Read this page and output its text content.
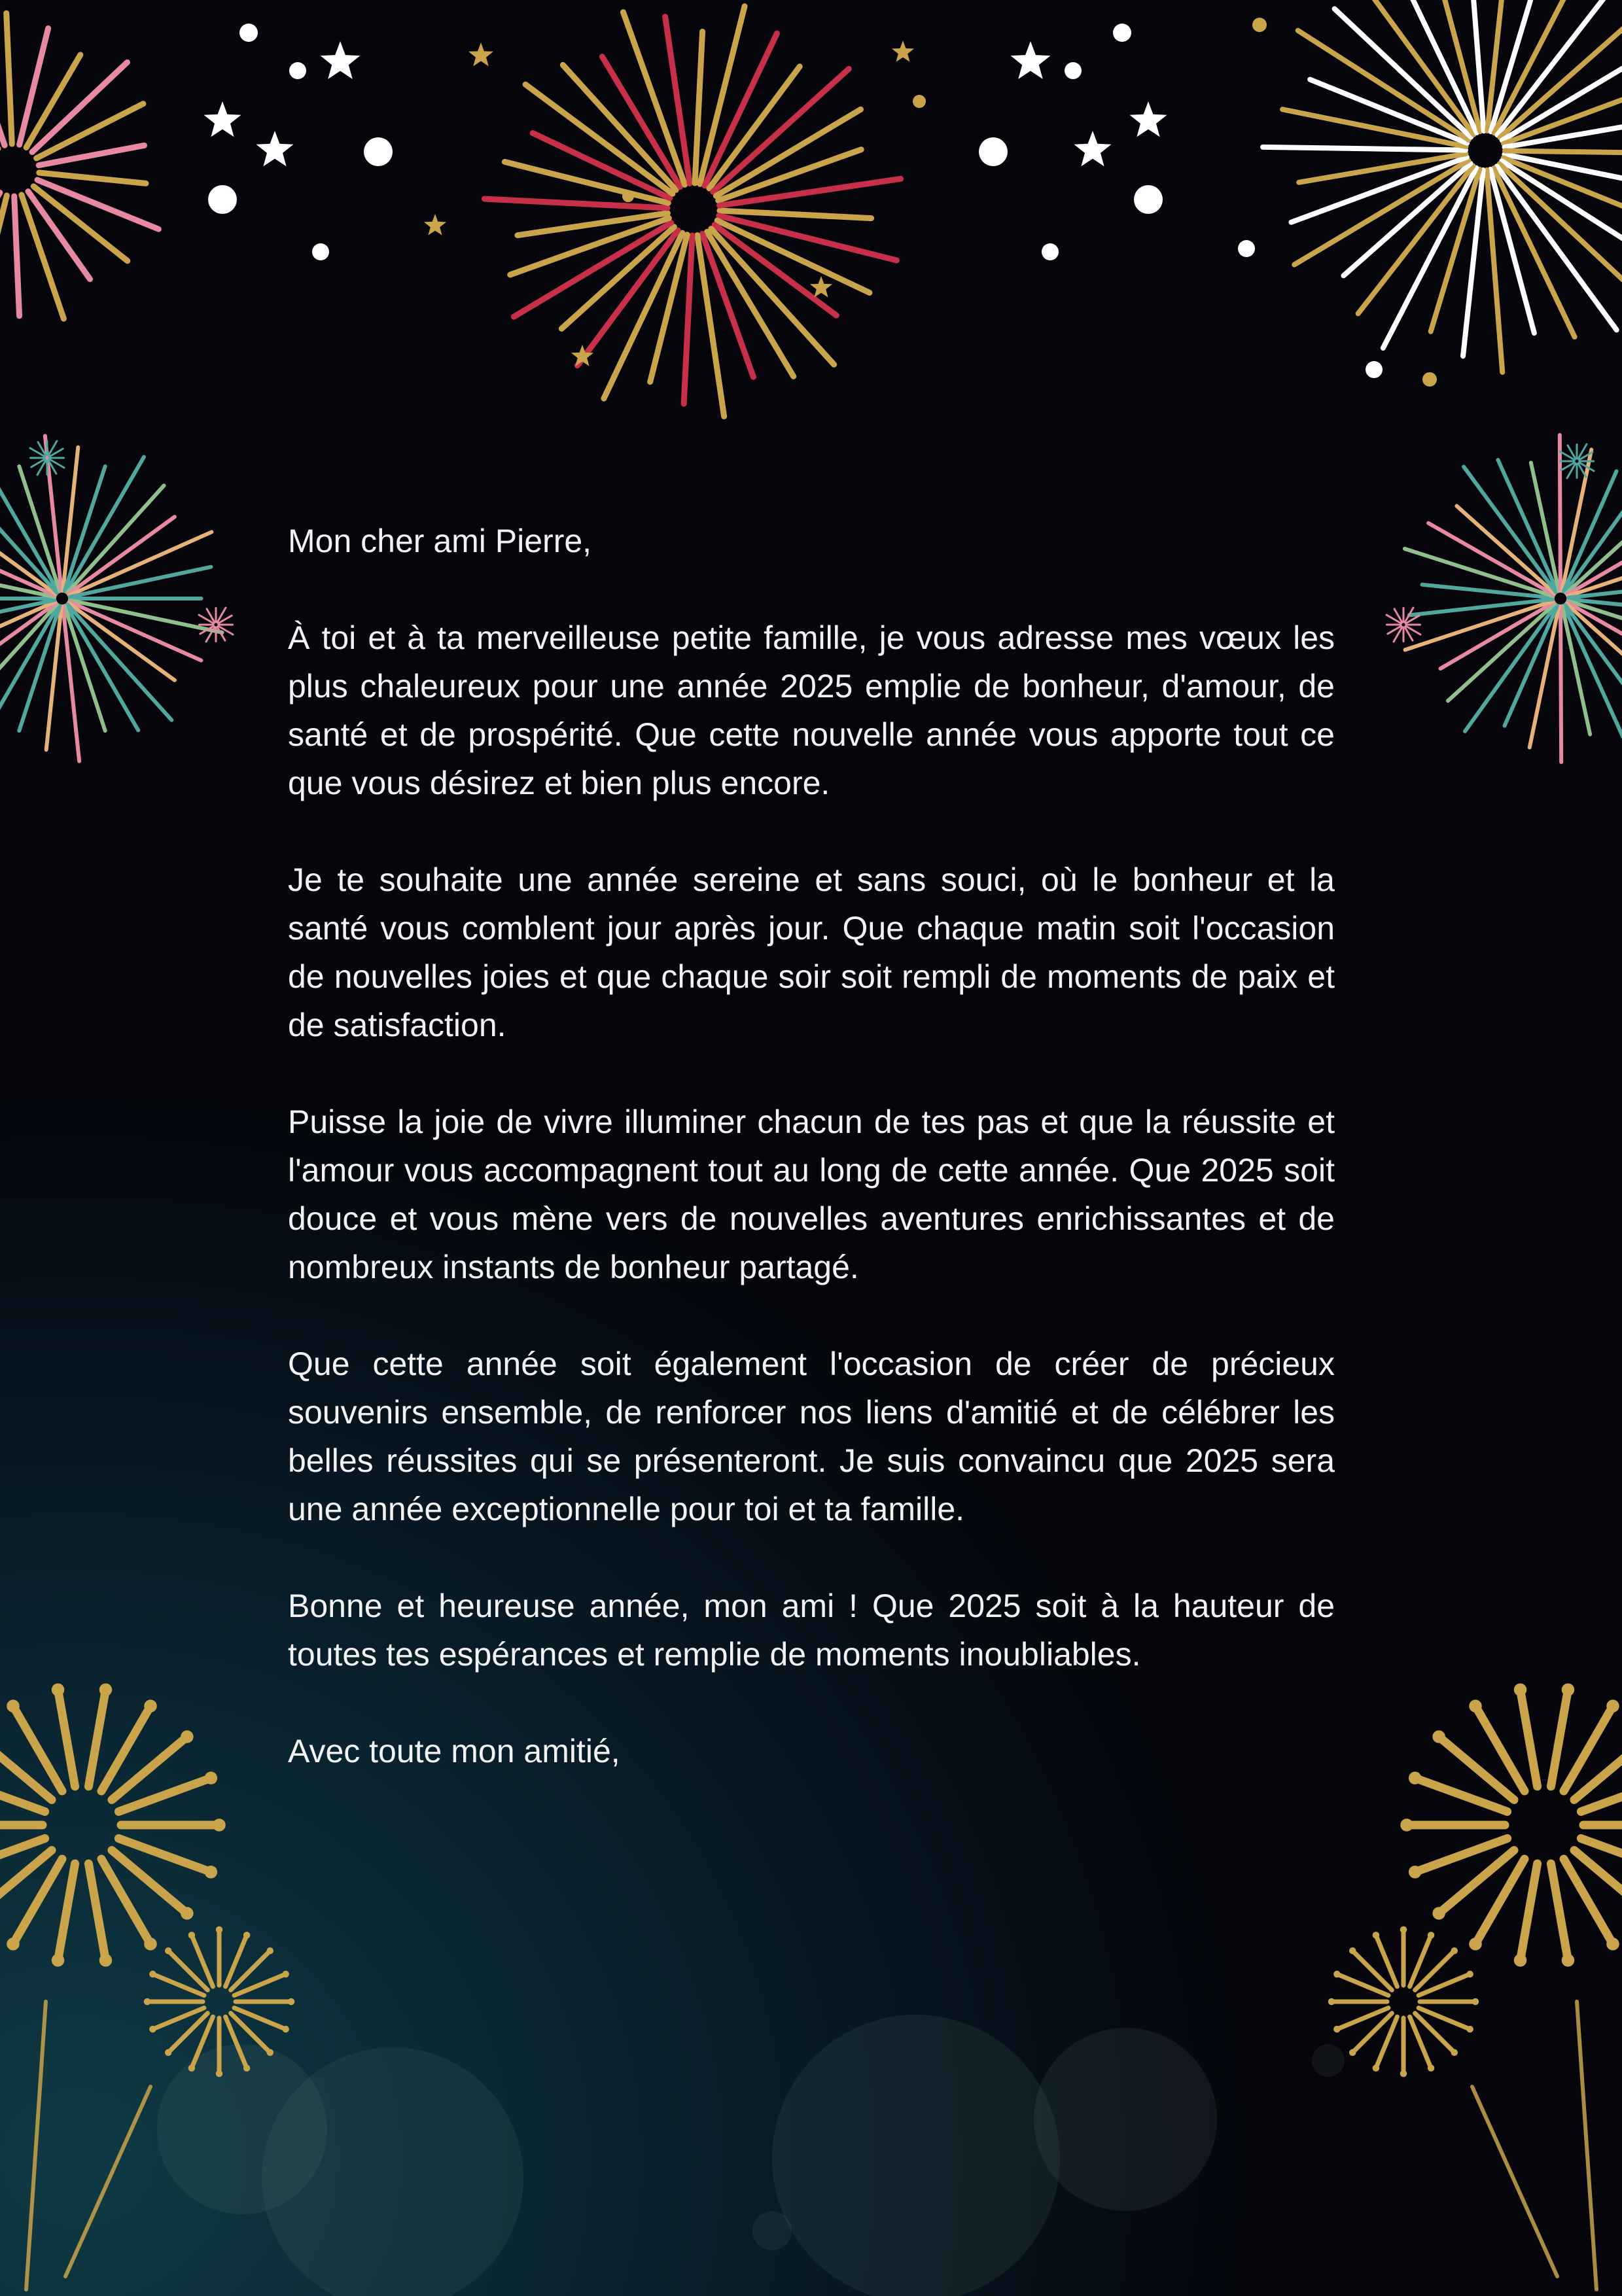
Mon cher ami Pierre,

À toi et à ta merveilleuse petite famille, je vous adresse mes vœux les plus chaleureux pour une année 2025 emplie de bonheur, d'amour, de santé et de prospérité. Que cette nouvelle année vous apporte tout ce que vous désirez et bien plus encore.

Je te souhaite une année sereine et sans souci, où le bonheur et la santé vous comblent jour après jour. Que chaque matin soit l'occasion de nouvelles joies et que chaque soir soit rempli de moments de paix et de satisfaction.

Puisse la joie de vivre illuminer chacun de tes pas et que la réussite et l'amour vous accompagnent tout au long de cette année. Que 2025 soit douce et vous mène vers de nouvelles aventures enrichissantes et de nombreux instants de bonheur partagé.

Que cette année soit également l'occasion de créer de précieux souvenirs ensemble, de renforcer nos liens d'amitié et de célébrer les belles réussites qui se présenteront. Je suis convaincu que 2025 sera une année exceptionnelle pour toi et ta famille.

Bonne et heureuse année, mon ami ! Que 2025 soit à la hauteur de toutes tes espérances et remplie de moments inoubliables.

Avec toute mon amitié,
